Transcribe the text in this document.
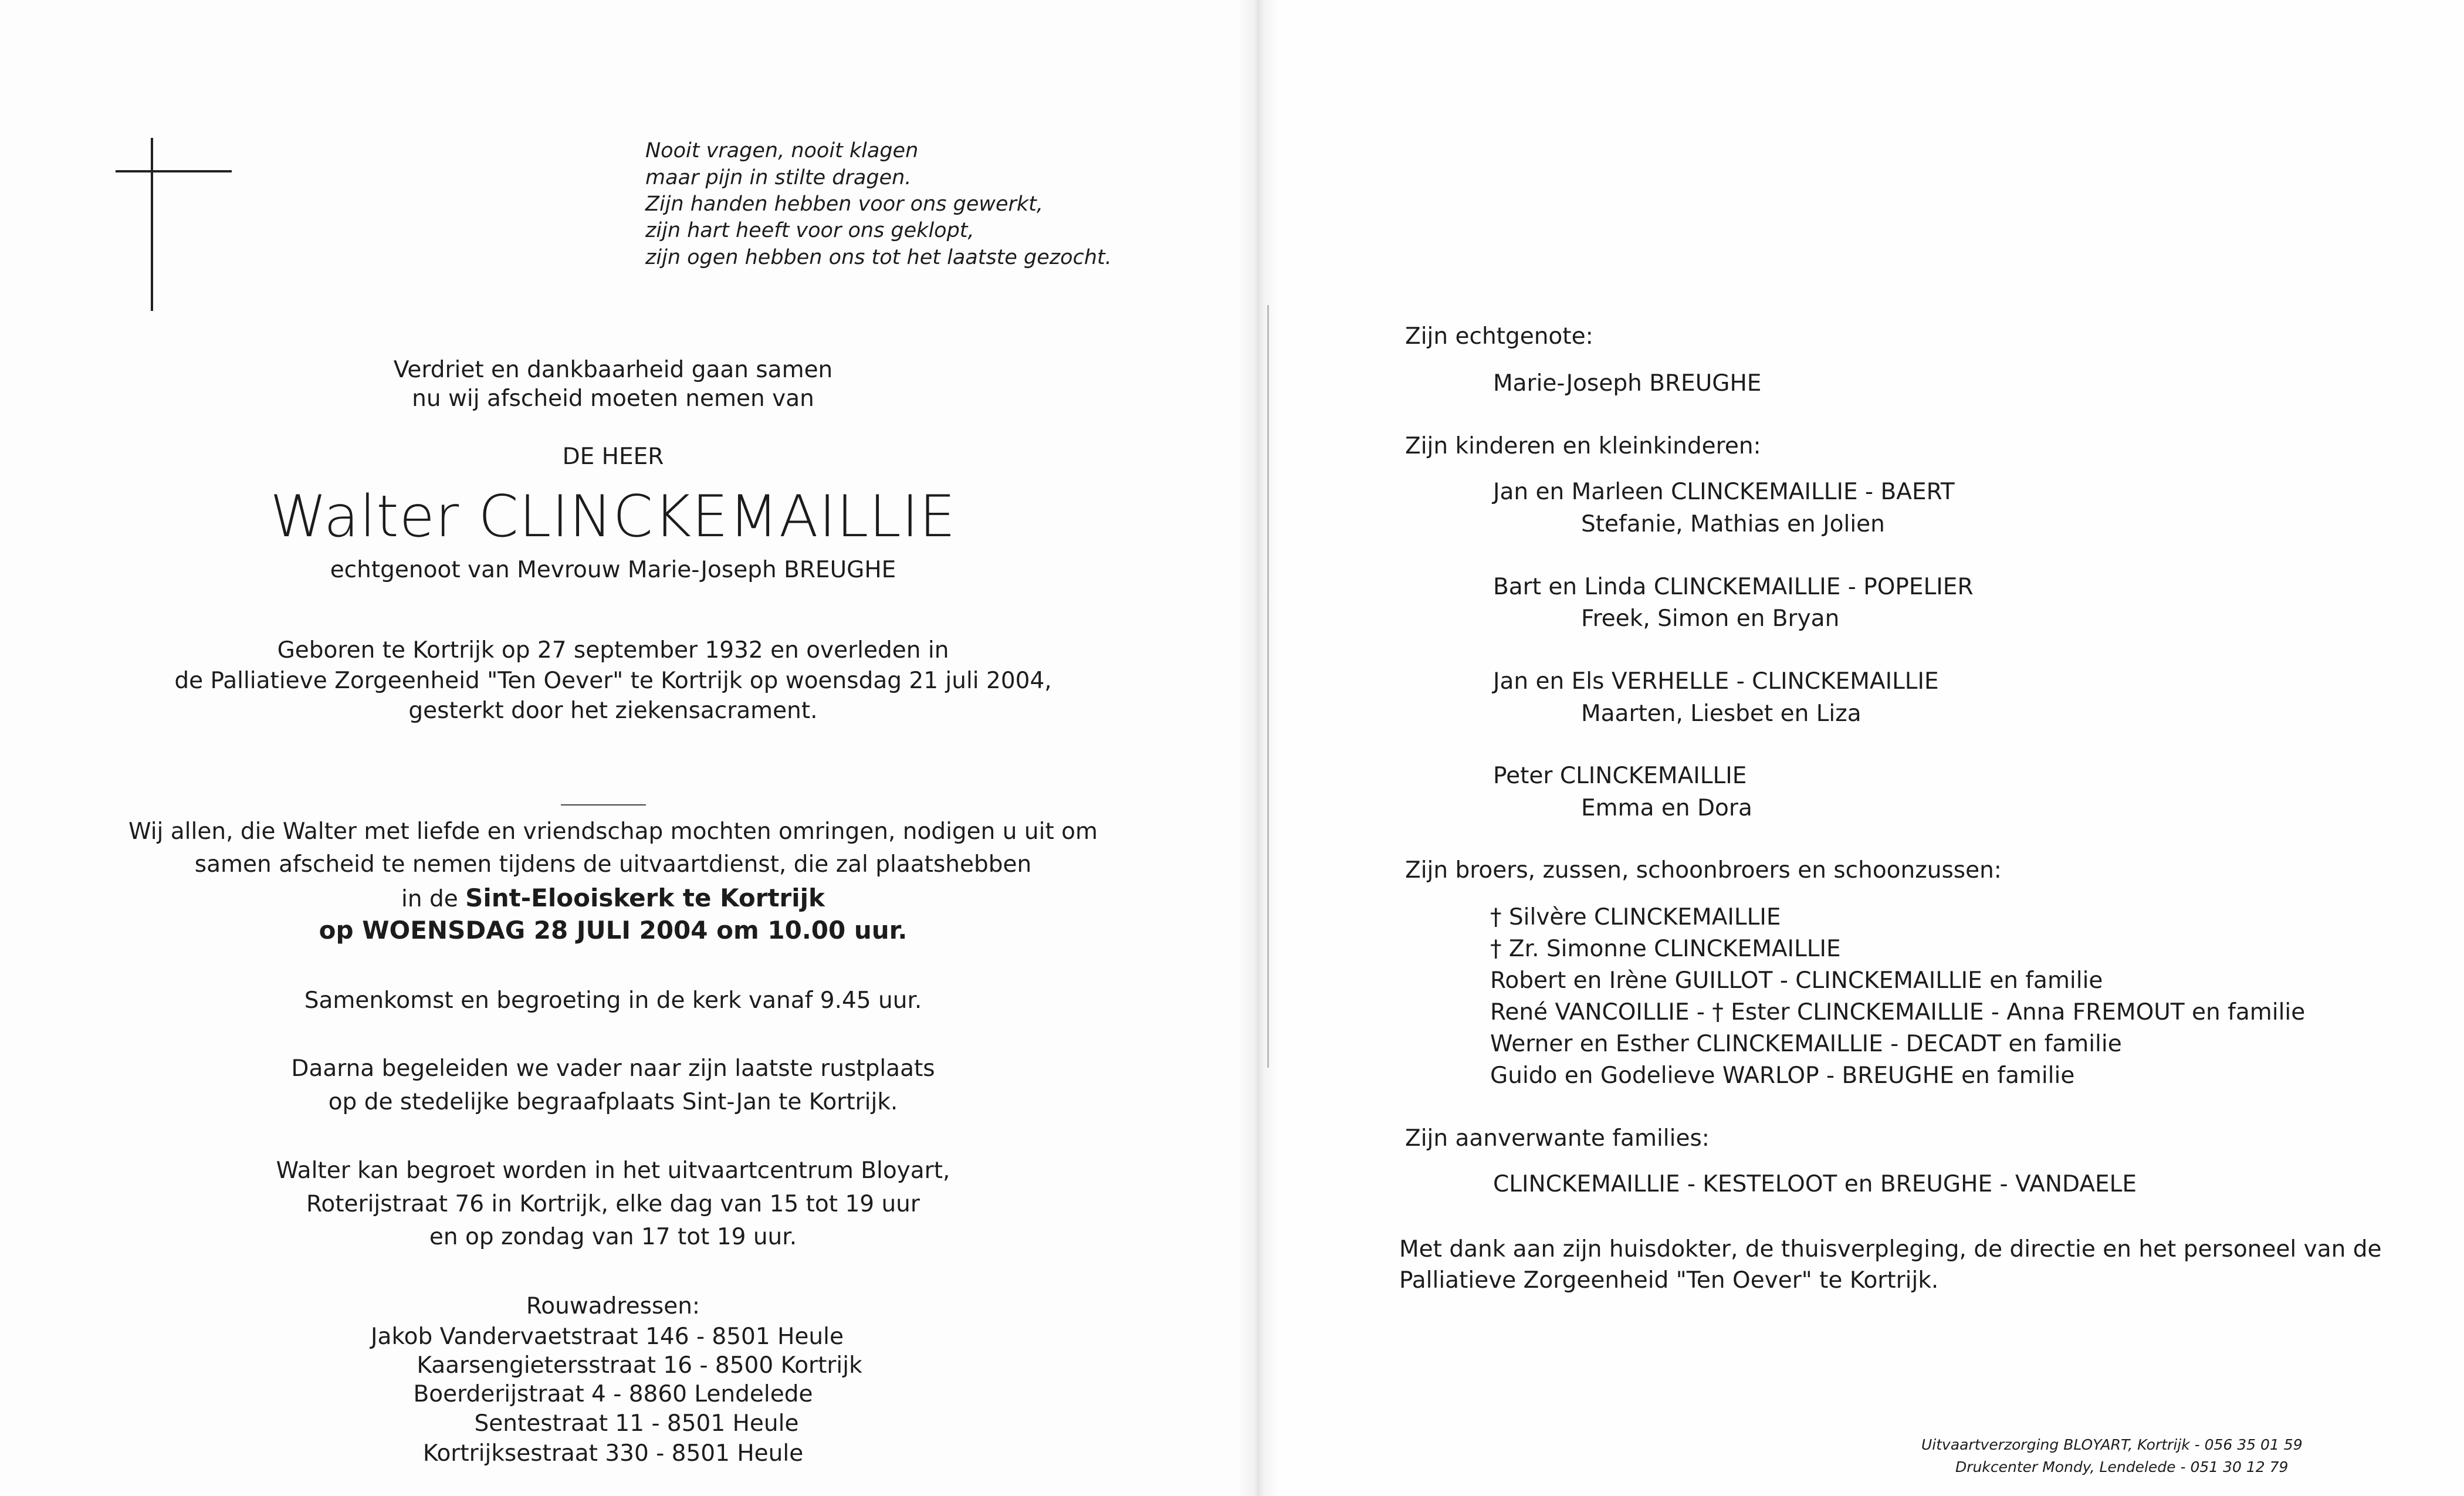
Nooit vragen, nooit klagen
maar pijn in stilte dragen.
Zijn handen hebben voor ons gewerkt,
zijn hart heeft voor ons geklopt,
zijn ogen hebben ons tot het laatste gezocht.
Verdriet en dankbaarheid gaan samen
nu wij afscheid moeten nemen van
DE HEER
Walter CLINCKEMAILLIE
echtgenoot van Mevrouw Marie-Joseph BREUGHE
Geboren te Kortrijk op 27 september 1932 en overleden in
de Palliatieve Zorgeenheid "Ten Oever" te Kortrijk op woensdag 21 juli 2004,
gesterkt door het ziekensacrament.
Wij allen, die Walter met liefde en vriendschap mochten omringen, nodigen u uit om
samen afscheid te nemen tijdens de uitvaartdienst, die zal plaatshebben
in de Sint-Elooiskerk te Kortrijk
op WOENSDAG 28 JULI 2004 om 10.00 uur.
Samenkomst en begroeting in de kerk vanaf 9.45 uur.
Daarna begeleiden we vader naar zijn laatste rustplaats
op de stedelijke begraafplaats Sint-Jan te Kortrijk.
Walter kan begroet worden in het uitvaartcentrum Bloyart,
Roterijstraat 76 in Kortrijk, elke dag van 15 tot 19 uur
en op zondag van 17 tot 19 uur.
Rouwadressen:
Jakob Vandervaetstraat 146 - 8501 Heule
Kaarsengietersstraat 16 - 8500 Kortrijk
Boerderijstraat 4 - 8860 Lendelede
Sentestraat 11 - 8501 Heule
Kortrijksestraat 330 - 8501 Heule
Zijn echtgenote:
Marie-Joseph BREUGHE
Zijn kinderen en kleinkinderen:
Jan en Marleen CLINCKEMAILLIE - BAERT
Stefanie, Mathias en Jolien
Bart en Linda CLINCKEMAILLIE - POPELIER
Freek, Simon en Bryan
Jan en Els VERHELLE - CLINCKEMAILLIE
Maarten, Liesbet en Liza
Peter CLINCKEMAILLIE
Emma en Dora
Zijn broers, zussen, schoonbroers en schoonzussen:
† Silvère CLINCKEMAILLIE
† Zr. Simonne CLINCKEMAILLIE
Robert en Irène GUILLOT - CLINCKEMAILLIE en familie
René VANCOILLIE - † Ester CLINCKEMAILLIE - Anna FREMOUT en familie
Werner en Esther CLINCKEMAILLIE - DECADT en familie
Guido en Godelieve WARLOP - BREUGHE en familie
Zijn aanverwante families:
CLINCKEMAILLIE - KESTELOOT en BREUGHE - VANDAELE
Met dank aan zijn huisdokter, de thuisverpleging, de directie en het personeel van de
Palliatieve Zorgeenheid "Ten Oever" te Kortrijk.
Uitvaartverzorging BLOYART, Kortrijk - 056 35 01 59
Drukcenter Mondy, Lendelede - 051 30 12 79
